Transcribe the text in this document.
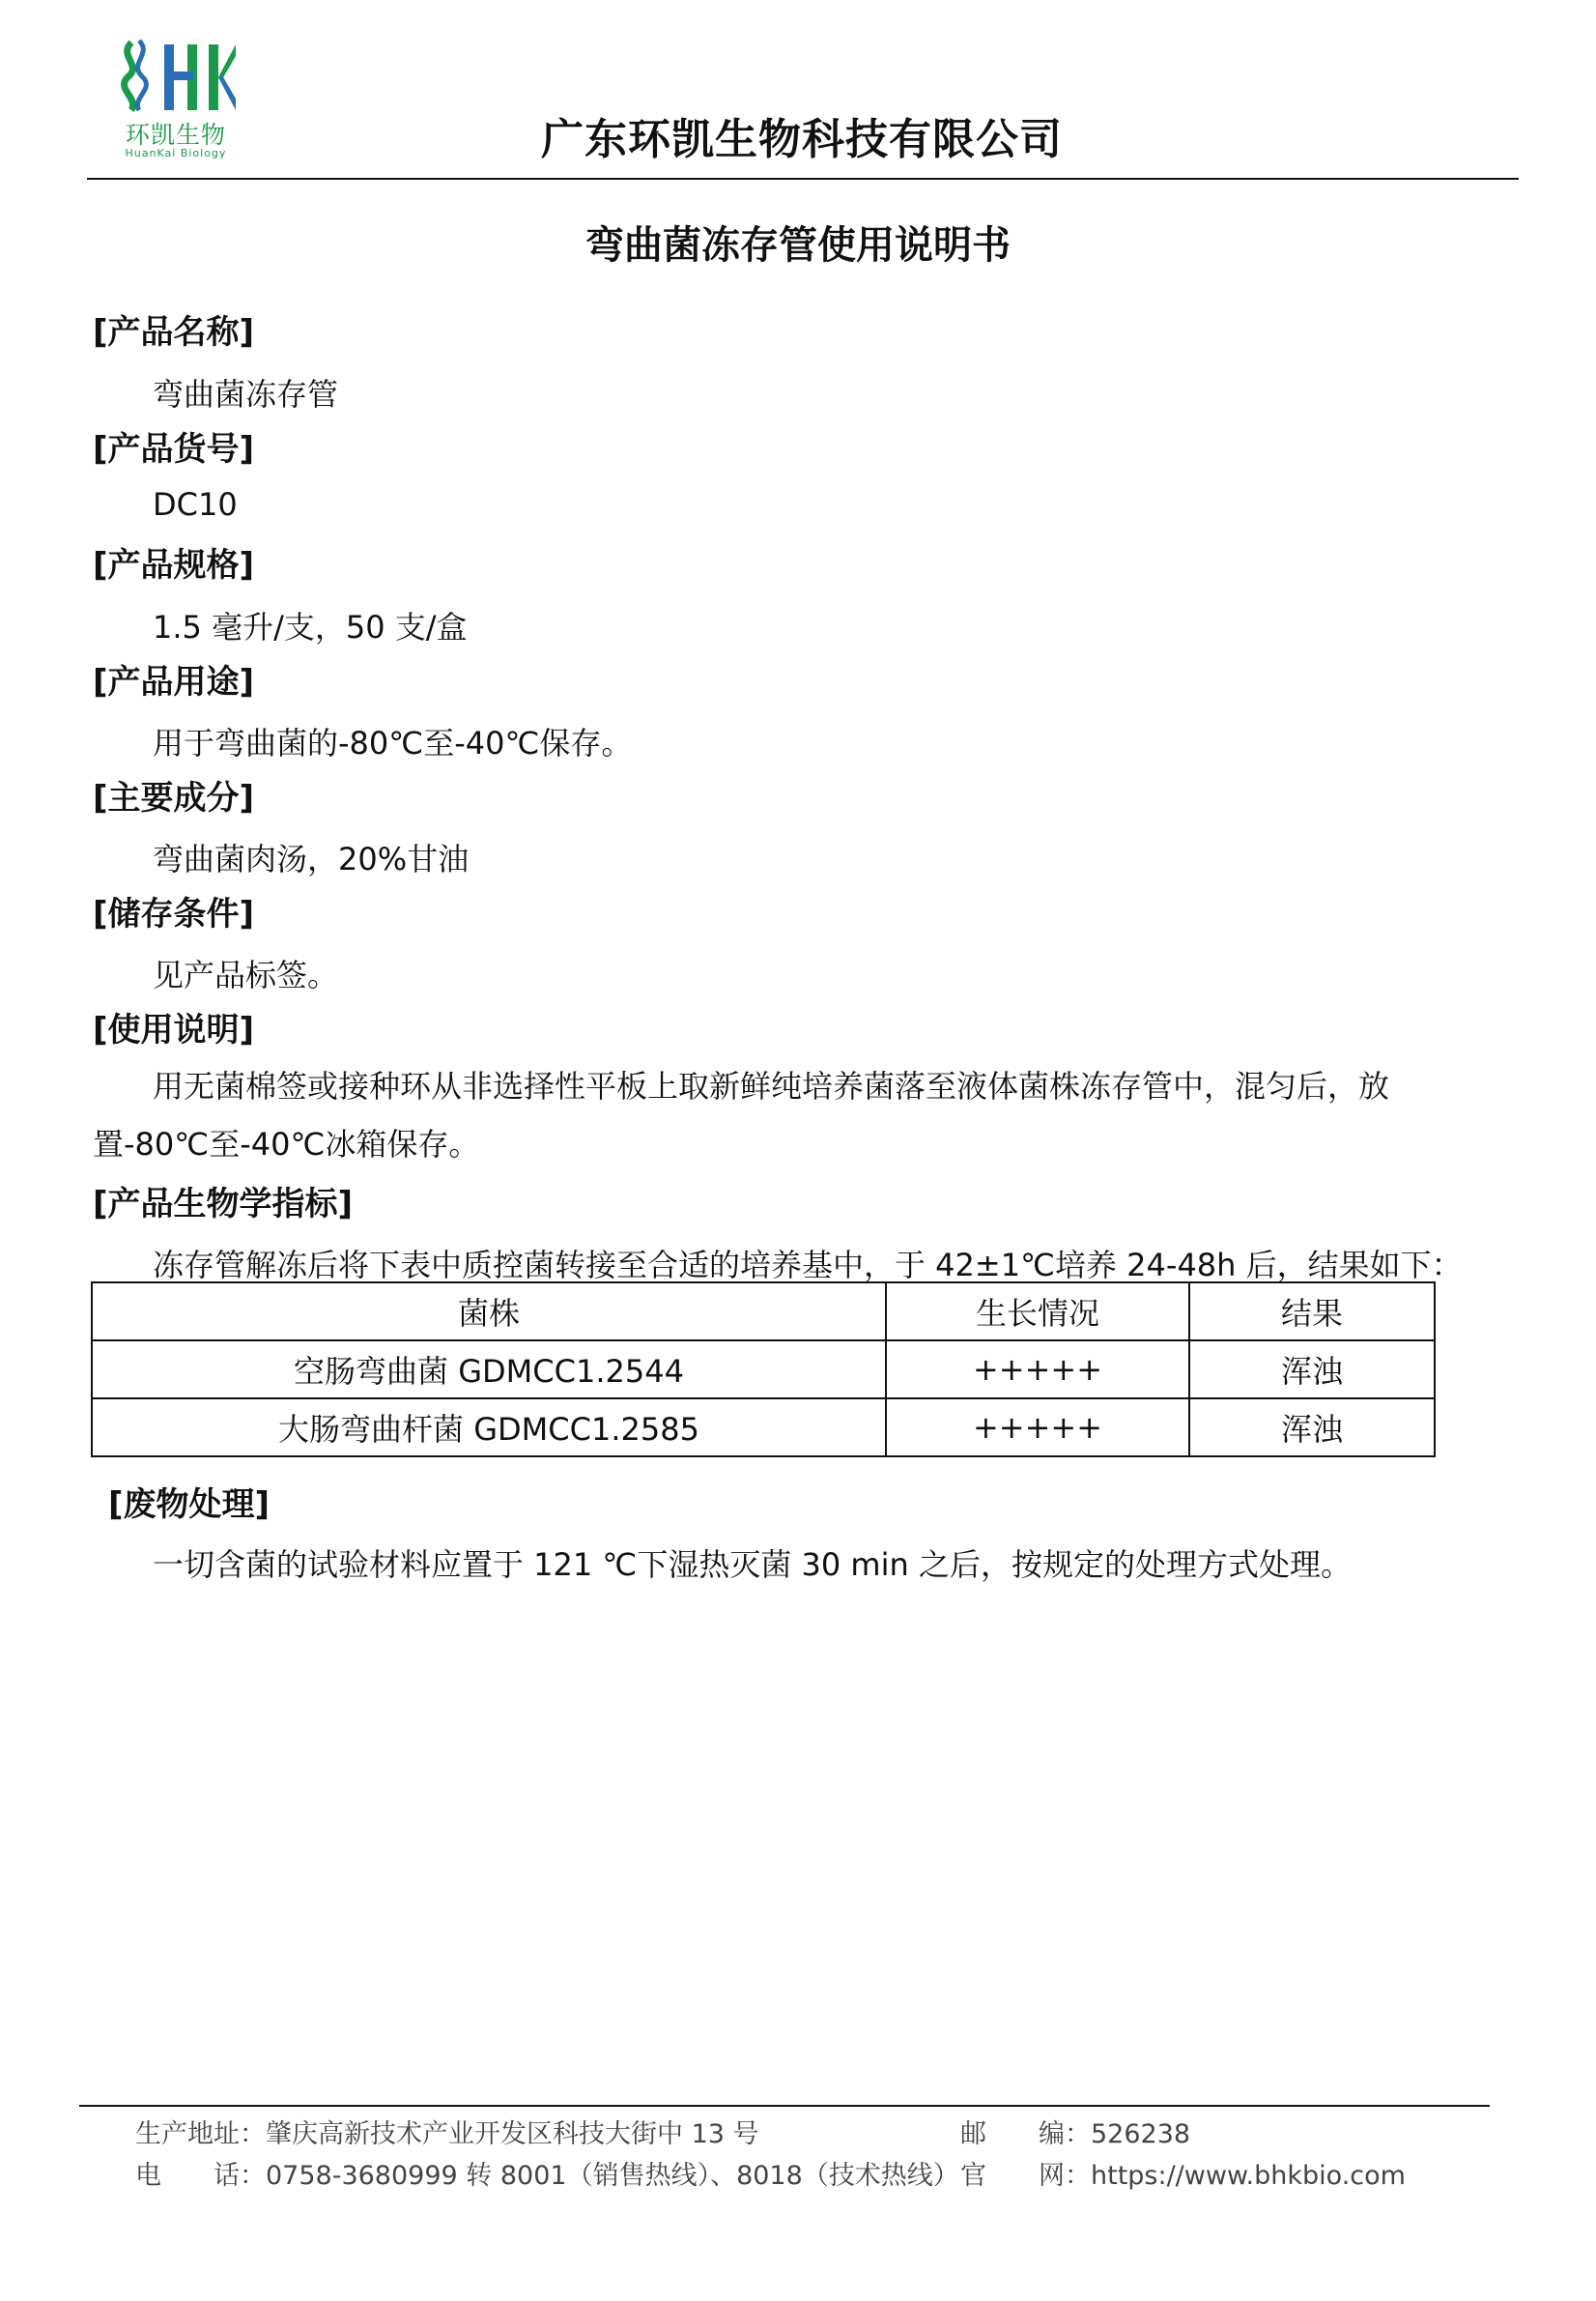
环凯生物
HuanKai Biology	广东环凯生物科技有限公司
弯曲菌冻存管使用说明书
[产品名称]
弯曲菌冻存管
[产品货号]
DC10
[产品规格]
1.5 毫升/支，50 支/盒
[产品用途]
用于弯曲菌的-80℃至-40℃保存。
[主要成分]
弯曲菌肉汤，20%甘油
[储存条件]
见产品标签。
[使用说明]
用无菌棉签或接种环从非选择性平板上取新鲜纯培养菌落至液体菌株冻存管中，混匀后，放置-80℃至-40℃冰箱保存。
[产品生物学指标]
冻存管解冻后将下表中质控菌转接至合适的培养基中，于 42±1℃培养 24-48h 后，结果如下：
菌株	生长情况	结果
空肠弯曲菌 GDMCC1.2544	+++++	浑浊
大肠弯曲杆菌 GDMCC1.2585	+++++	浑浊
[废物处理]
一切含菌的试验材料应置于 121 ℃下湿热灭菌 30 min 之后，按规定的处理方式处理。
生产地址：肇庆高新技术产业开发区科技大街中 13 号	邮　　编：526238
电　　话：0758-3680999 转 8001（销售热线）、8018（技术热线） 官　　网：https://www.bhkbio.com
